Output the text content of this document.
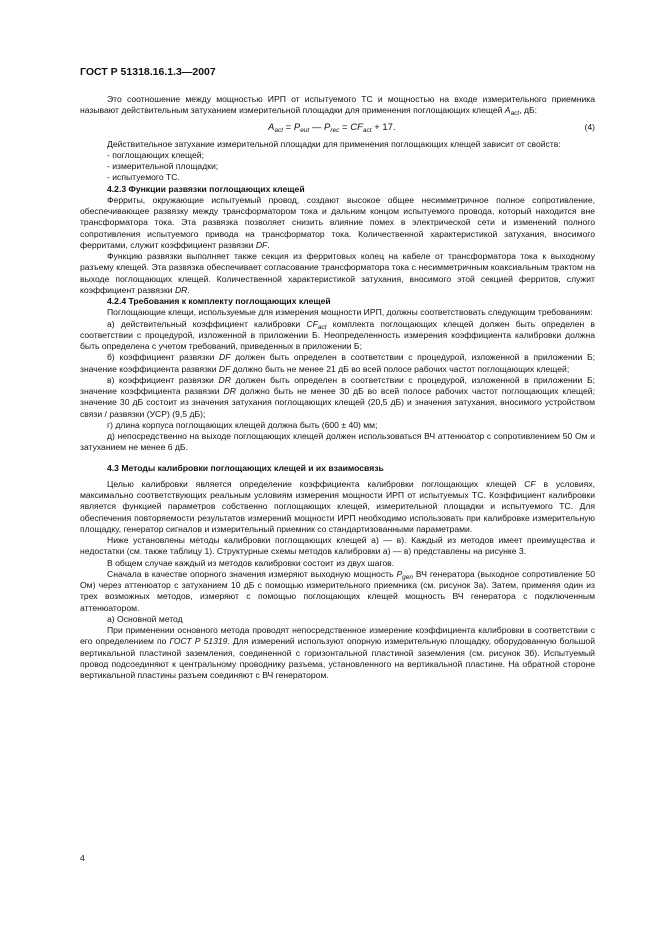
ГОСТ Р 51318.16.1.3—2007

Это соотношение между мощностью ИРП от испытуемого ТС и мощностью на входе измерительного приемника называют действительным затуханием измерительной площадки для применения поглощающих клещей $A_{act}$, дБ:

$A_{act} = P_{eut}$ — $P_{rec} = CF_{act} + 17$.	(4)

Действительное затухание измерительной площадки для применения поглощающих клещей зависит от свойств:

- поглощающих клещей;

- измерительной площадки;

- испытуемого ТС.

4.2.3 Функции развязки поглощающих клещей

Ферриты, окружающие испытуемый провод, создают высокое общее несимметричное полное сопротивление, обеспечивающее развязку между трансформатором тока и дальним концом испытуемого провода, который находится вне трансформатора тока. Эта развязка позволяет снизить влияние помех в электрической сети и изменений полного сопротивления испытуемого привода на трансформатор тока. Количественной характеристикой затухания, вносимого ферритами, служит коэффициент развязки DF.

Функцию развязки выполняет также секция из ферритовых колец на кабеле от трансформатора тока к выходному разъему клещей. Эта развязка обеспечивает согласование трансформатора тока с несимметричным коаксиальным трактом на выходе поглощающих клещей. Количественной характеристикой затухания, вносимого этой секцией ферритов, служит коэффициент развязки DR.

4.2.4 Требования к комплекту поглощающих клещей

Поглощающие клещи, используемые для измерения мощности ИРП, должны соответствовать следующим требованиям:

а) действительный коэффициент калибровки $CF_{act}$ комплекта поглощающих клещей должен быть определен в соответствии с процедурой, изложенной в приложении Б. Неопределенность измерения коэффициента калибровки должна быть определена с учетом требований, приведенных в приложении Б;

б) коэффициент развязки DF должен быть определен в соответствии с процедурой, изложенной в приложении Б; значение коэффициента развязки DF должно быть не менее 21 дБ во всей полосе рабочих частот поглощающих клещей;

в) коэффициент развязки DR должен быть определен в соответствии с процедурой, изложенной в приложении Б; значение коэффициента развязки DR должно быть не менее 30 дБ во всей полосе рабочих частот поглощающих клещей; значение 30 дБ состоит из значения затухания поглощающих клещей (20,5 дБ) и значения затухания, вносимого устройством связи / развязки (УСР) (9,5 дБ);

г) длина корпуса поглощающих клещей должна быть (600 ± 40) мм;

д) непосредственно на выходе поглощающих клещей должен использоваться ВЧ аттенюатор с сопротивлением 50 Ом и затуханием не менее 6 дБ.

4.3 Методы калибровки поглощающих клещей и их взаимосвязь

Целью калибровки является определение коэффициента калибровки поглощающих клещей CF в условиях, максимально соответствующих реальным условиям измерения мощности ИРП от испытуемых ТС. Коэффициент калибровки является функцией параметров собственно поглощающих клещей, измерительной площадки и испытуемого ТС. Для обеспечения повторяемости результатов измерений мощности ИРП необходимо использовать при калибровке измерительную площадку, генератор сигналов и измерительный приемник со стандартизованными параметрами.

Ниже установлены методы калибровки поглощающих клещей а) — в). Каждый из методов имеет преимущества и недостатки (см. также таблицу 1). Структурные схемы методов калибровки а) — в) представлены на рисунке 3.

В общем случае каждый из методов калибровки состоит из двух шагов.

Сначала в качестве опорного значения измеряют выходную мощность $P_{gen}$ ВЧ генератора (выходное сопротивление 50 Ом) через аттенюатор с затуханием 10 дБ с помощью измерительного приемника (см. рисунок 3а). Затем, применяя один из трех возможных методов, измеряют с помощью поглощающих клещей мощность ВЧ генератора с подключенным аттенюатором.

а) Основной метод

При применении основного метода проводят непосредственное измерение коэффициента калибровки в соответствии с его определением по ГОСТ Р 51319. Для измерений используют опорную измерительную площадку, оборудованную большой вертикальной пластиной заземления, соединенной с горизонтальной пластиной заземления (см. рисунок 3б). Испытуемый провод подсоединяют к центральному проводнику разъема, установленного на вертикальной пластине. На обратной стороне вертикальной пластины разъем соединяют с ВЧ генератором.

4
